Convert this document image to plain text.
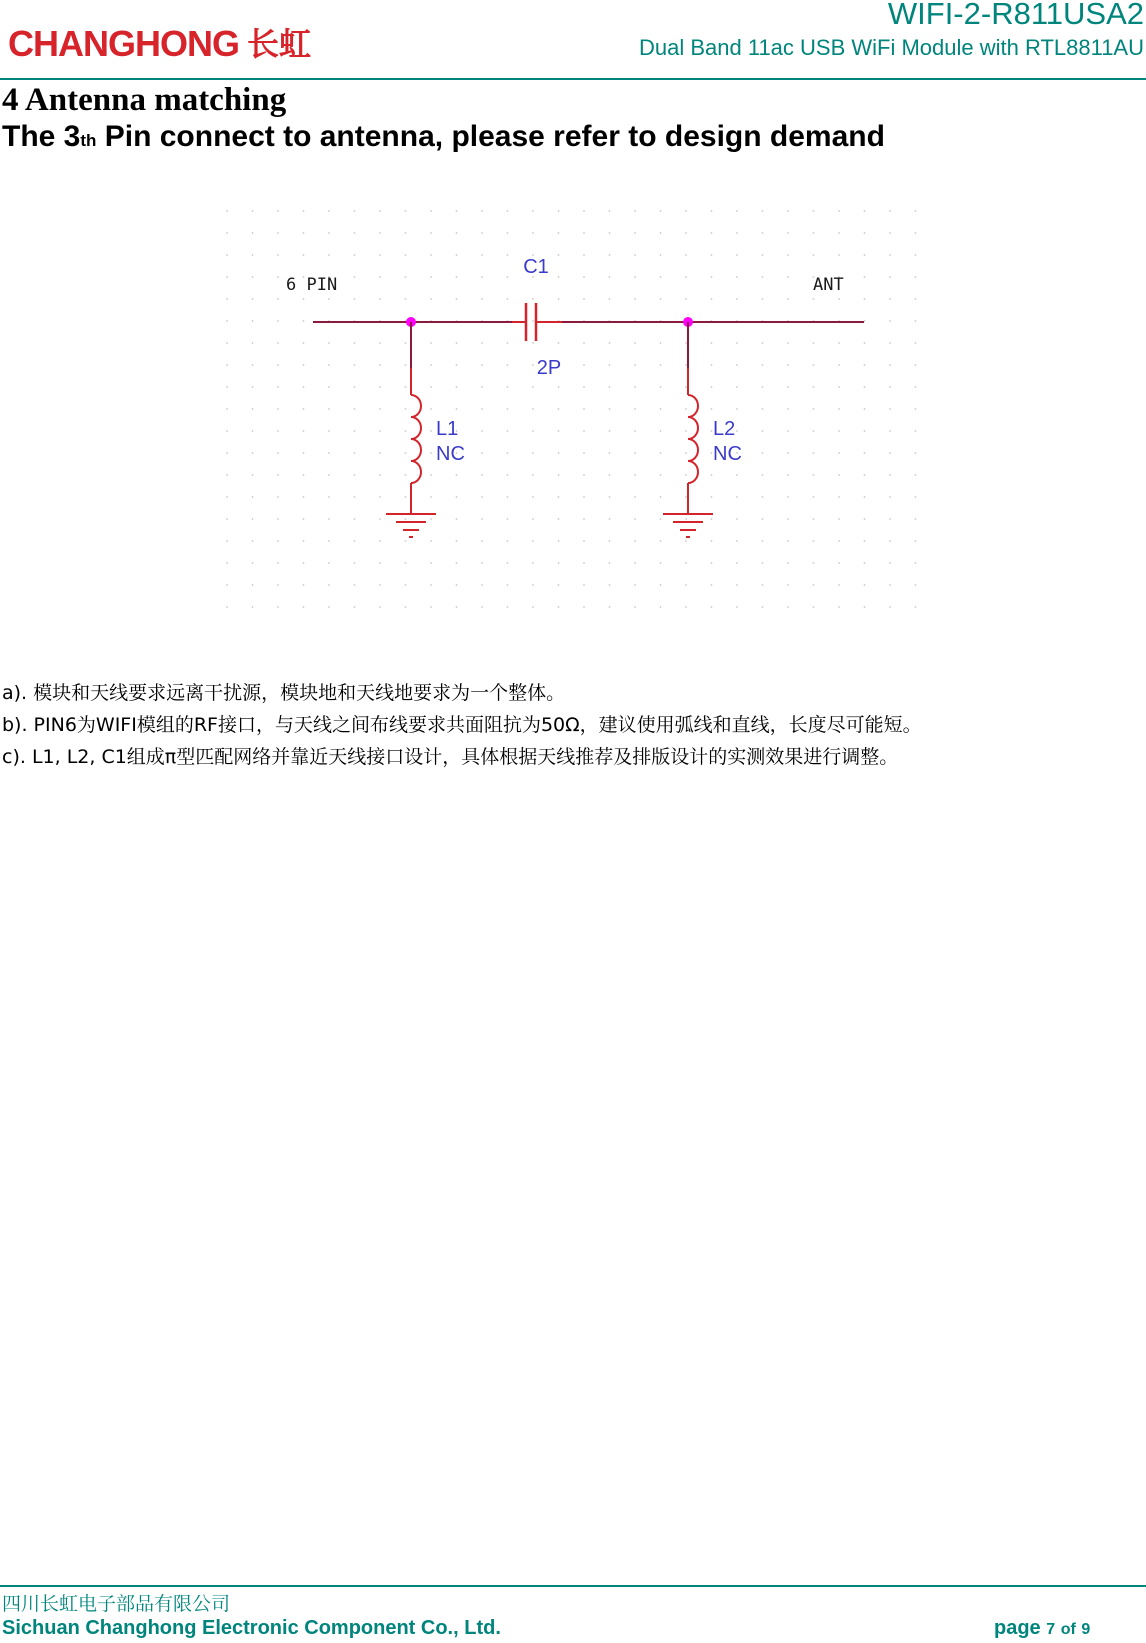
CHANGHONG 长虹
WIFI-2-R811USA2
Dual Band 11ac USB WiFi Module with RTL8811AU
4 Antenna matching
The 3th Pin connect to antenna, please refer to design demand
6 PIN	ANT
C1
2P
L1
NC
L2
NC
a). 模块和天线要求远离干扰源，模块地和天线地要求为一个整体。
b). PIN6为WIFI模组的RF接口，与天线之间布线要求共面阻抗为50Ω，建议使用弧线和直线，长度尽可能短。
c). L1, L2, C1组成π型匹配网络并靠近天线接口设计，具体根据天线推荐及排版设计的实测效果进行调整。
四川长虹电子部品有限公司
Sichuan Changhong Electronic Component Co., Ltd.	page 7 of 9
